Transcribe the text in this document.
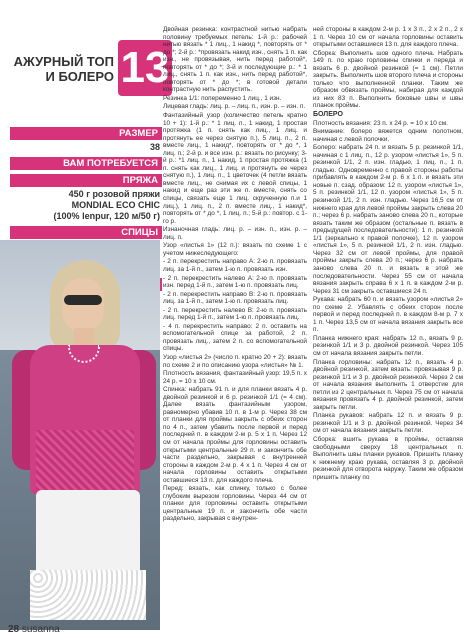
АЖУРНЫЙ ТОП
И БОЛЕРО 13
РАЗМЕР
38
ВАМ ПОТРЕБУЕТСЯ
ПРЯЖА
450 г розовой пряжи
MONDIAL ECO CHIC
(100% lenpur, 120 м/50 г)
СПИЦЫ

Двойная резинка: контрастной нитью набрать половину требуемых петель: 1-й р.: рабочей нитью вязать * 1 лиц., 1 накид *, повторять от * до *; 2-й р.: *провязать накид изн., снять 1 п. как изн., не провязывая, нить перед работой*, повторять от * до *; 3-й и последующие р.: * 1 лиц., снять 1 п. как изн., нить перед работой*, повторять от * до *; в готовой детали контрастную нить распустить.

Резинка 1/1: попеременно 1 лиц., 1 изн.

Лицевая гладь: лиц. р. – лиц. п., изн. р. – изн. п.

Фантазийный узор (количество петель кратно 10 + 1): 1-й р.: * 1 лиц. п., 1 накид, 1 простая протяжка (1 п. снять как лиц., 1 лиц. и протянуть ее через снятую п.), 5 лиц. п., 2 п. вместе лиц., 1 накид*, повторять от * до *, 1 лиц. п.; 2-й р. и все изн. р.: вязать по рисунку; 3-й р.: *1 лиц. п., 1 накид, 1 простая протяжка (1 п. снять как лиц., 1 лиц. и протянуть ее через снятую п.), 1 лиц. п., 1 цветочек (4 петли вязать вместе лиц., не снимая их с левой спицы, 1 накид и еще раз эти же п. вместе, снять со спицы, связать еще 1 лиц. скрученную п.и 1 лиц.), 1 лиц. п., 2 п. вместе лиц., 1 накид*, повторять от * до *, 1 лиц. п.; 5-й р.: повтор. с 1-го р.

Изнаночная гладь: лиц. р. – изн. п., изн. р. – лиц. п.

Узор «листья 1» (12 п.): вязать по схеме 1 с учетом нижеследующего:

- 2 п. перекрестить направо А: 2-ю п. провязать лиц. за 1-й п., затем 1-ю п. провязать изн.

- 2 п. перекрестить налево А: 2-ю п. провязать изн. перед 1-й п., затем 1-ю п. провязать лиц.

- 2 п. перекрестить направо В: 2-ю п. провязать лиц. за 1-й п., затем 1-ю п. провязать лиц.

- 2 п. перекрестить налево В: 2-ю п. провязать лиц. перед 1-й п., затем 1-ю п. провязать лиц.

- 4 п. перекрестить направо: 2 п. оставить на вспомогательной спице за работой, 2 п. провязать лиц., затем 2 п. со вспомогательной спицы.

Узор «листья 2» (число п. кратно 20 + 2): вязать по схеме 2 и по описанию узора «листья» № 1.

Плотность вязания, фантазийный узор: 19,5 п. х 24 р. = 10 х 10 см.

Спинка: набрать 91 п. и для планки вязать 4 р. двойной резинкой и 6 р. резинкой 1/1 (= 4 см). Далее вязать фантазийным узором, равномерно убавив 10 п. в 1-м р. Через 38 см от планки для проймы закрыть с обеих сторон по 4 п., затем убавить после первой и перед последней п. в каждом 2-м р. 5 х 1 п. Через 12 см от начала проймы для горловины оставить открытыми центральные 29 п. и закончить обе части раздельно, закрывая с внутренней стороны в каждом 2-м р. 4 х 1 п. Через 4 см от начала горловины оставить открытыми оставшиеся 13 п. для каждого плеча.

Перед: вязать, как спинку, только с более глубоким вырезом горловины. Через 44 см от планки для горловины оставить открытыми центральные 19 п. и закончить обе части раздельно, закрывая с внутрен-

ней стороны в каждом 2-м р. 1 х 3 п., 2 х 2 п., 2 х 1 п. Через 10 см от начала горловины оставить открытыми оставшиеся 13 п. для каждого плеча.

Сборка: Выполнить шов одного плеча. Набрать 149 п. по краю горловины спинки и переда и вязать 6 р. двойной резинкой (= 1 см). Петли закрыть. Выполнить шов второго плеча и стороны только что выполненной планки. Таким же образом обвязать проймы, набирая для каждой из них 83 п. Выполнить боковые швы и швы планок проймы.

БОЛЕРО

Плотность вязания: 23 п. х 24 р. = 10 х 10 см.

Внимание: болеро вяжется одним полотном, начиная с левой полочки.

Болеро: набрать 24 п. и вязать 5 р. резинкой 1/1, начиная с 1 лиц. п., 12 р. узором «листья 1», 5 п. резинкой 1/1, 2 п. изн. гладью, 1 лиц. п., 1 п. гладью. Одновременно с правой стороны работы прибавлять в каждом 2-м р. 6 х 1 п. и вязать эти новые п. сзад. образом: 12 п. узором «листья 1», 5 п. резинкой 1/1, 12 п. узором «листья 1», 5 п. резинкой 1/1, 2 п. изн. гладью. Через 16,5 см от нижнего края для левой проймы закрыть слева 20 п.; через 6 р. набрать заново слева 20 п., которые вязать таким же образом (остальные п. вязать в предыдущей последовательности): 1 п. резинкой 1/1 (зеркально к правой полочке), 12 п. узором «листья 1», 5 п. резинкой 1/1, 2 п. изн. гладью. Через 32 см от левой проймы, для правой проймы закрыть слева 20 п.; через 6 р. набрать заново слева 20 п. и вязать в этой же последовательности. Через 55 см от начала вязания закрыть справа 6 х 1 п. в каждом 2-м р. Через 31 см закрыть оставшиеся 24 п.

Рукава: набрать 60 п. и вязать узором «листья 2» по схеме 2. Убавлять с обеих сторон после первой и перед последней п. в каждом 8-м р. 7 х 1 п. Через 13,5 см от начала вязания закрыть все п.

Планка нижнего края: набрать 12 п., вязать 9 р. резинкой 1/1 и 3 р. двойной резинкой. Через 105 см от начала вязания закрыть петли.

Планка горловины: набрать 12 п., вязать 4 р. двойной резинкой, затем вязать: провязывая 9 р. резинкой 1/1 и 3 р. двойной резинкой. Через 2 см от начала вязания выполнить 1 отверстие для петли из 2 центральных п. Через 75 см от начала вязания провязать 4 р. двойной резинкой, затем закрыть петли.

Планка рукавов: набрать 12 п. и вязать 9 р. резинкой 1/1 и 3 р. двойной резинкой. Через 34 см от начала вязания закрыть петли.

Сборка: вшить рукава в проймы, оставляя свободными сверху 18 центральных п. Выполнить швы планки рукавов. Пришить планку к нижнему краю рукава, оставляя 3 р. двойной резинкой для отворота наружу. Таким же образом пришить планку по

28 susanna
